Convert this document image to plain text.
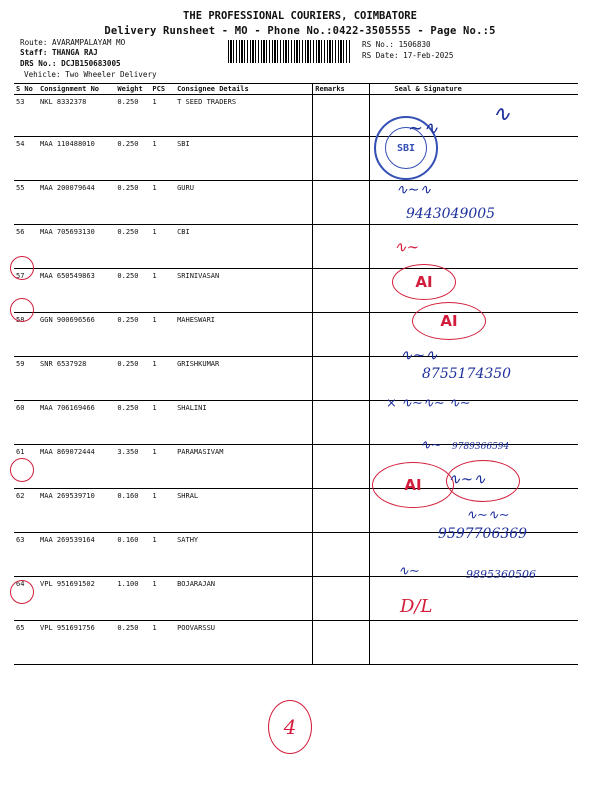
THE PROFESSIONAL COURIERS, COIMBATORE
Delivery Runsheet - MO - Phone No.:0422-3505555 - Page No.:5
Route: AVARAMPALAYAM MO
Staff: THANGA RAJ
DRS No.: DCJB150683005
Vehicle: Two Wheeler Delivery
RS No.: 1506830
RS Date: 17-Feb-2025
S No	Consignment No	Weight	PCS	Consignee Details	Remarks	Seal & Signature
53	NKL 8332378	0.250	1	T SEED TRADERS		
54	MAA 110488010	0.250	1	SBI		
55	MAA 200079644	0.250	1	GURU		
56	MAA 705693130	0.250	1	CBI		
57	MAA 650549863	0.250	1	SRINIVASAN		
58	GGN 900696566	0.250	1	MAHESWARI		
59	SNR 6537928	0.250	1	GRISHKUMAR		
60	MAA 706169466	0.250	1	SHALINI		
61	MAA 869072444	3.350	1	PARAMASIVAM		
62	MAA 269539710	0.160	1	SHRAL		
63	MAA 269539164	0.160	1	SATHY		
64	VPL 951691502	1.100	1	BOJARAJAN		
65	VPL 951691756	0.250	1	POOVARSSU		
SBI
∼∿
∿
∿∼∿
9443049005
∿∼
AI
AI
∿∼∿
8755174350
× ∿∼∿∼ ∿∼
∿∼ 9789366594
AI	∿∼∿
∿∼∿∼
9597706369
∿∼	9895360506
D/L
4
